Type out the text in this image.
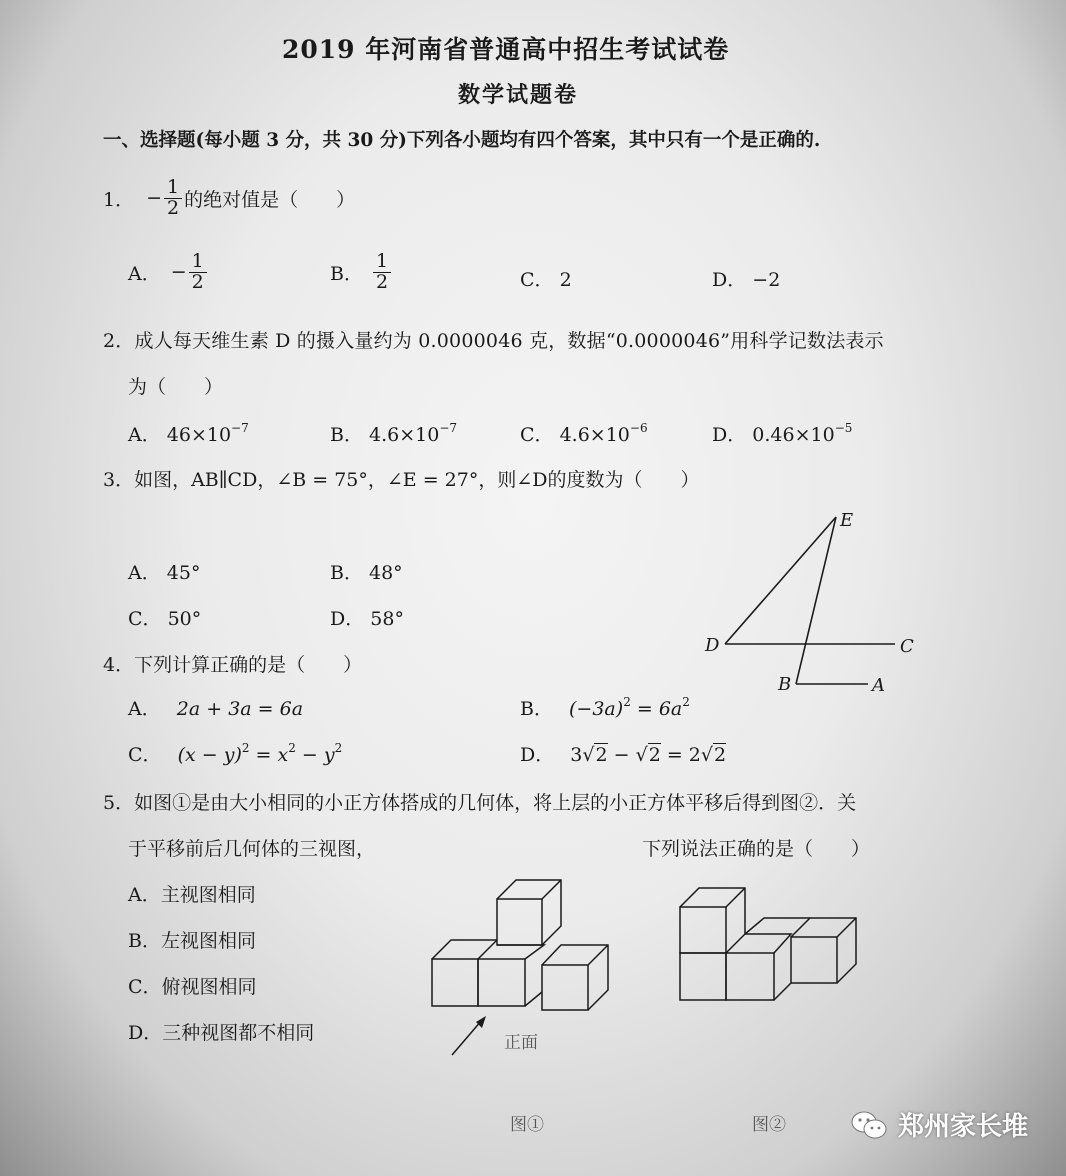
2019 年河南省普通高中招生考试试卷
数学试题卷
一、选择题(每小题 3 分，共 30 分)下列各小题均有四个答案，其中只有一个是正确的.
1． − $\frac{1}{2}$ 的绝对值是（　　）
A． − $\frac{1}{2}$	B． $\frac{1}{2}$	C． 2	D． −2
2．成人每天维生素 D 的摄入量约为 0.0000046 克，数据“0.0000046”用科学记数法表示
为（　　）
A． $46\times 10^{-7}$	B． $4.6\times 10^{-7}$	C． $4.6\times 10^{-6}$	D． $0.46\times 10^{-5}$
3．如图，AB∥CD，∠B = 75°，∠E = 27°，则∠D的度数为（　　）
A． 45°	B． 48°
C． 50°	D． 58°
E
D	C
B	A
4．下列计算正确的是（　　）
A． 2a + 3a = 6a	B． $(-3a)^2 = 6a^2$
C． $(x - y)^2 = x^2 - y^2$	D． 3√2 − √2 = 2√2
5．如图①是由大小相同的小正方体搭成的几何体，将上层的小正方体平移后得到图②．关
于平移前后几何体的三视图，	下列说法正确的是（　　）
A．主视图相同
B．左视图相同
C．俯视图相同
D．三种视图都不相同	正面
图①	图②	郑州家长堆
